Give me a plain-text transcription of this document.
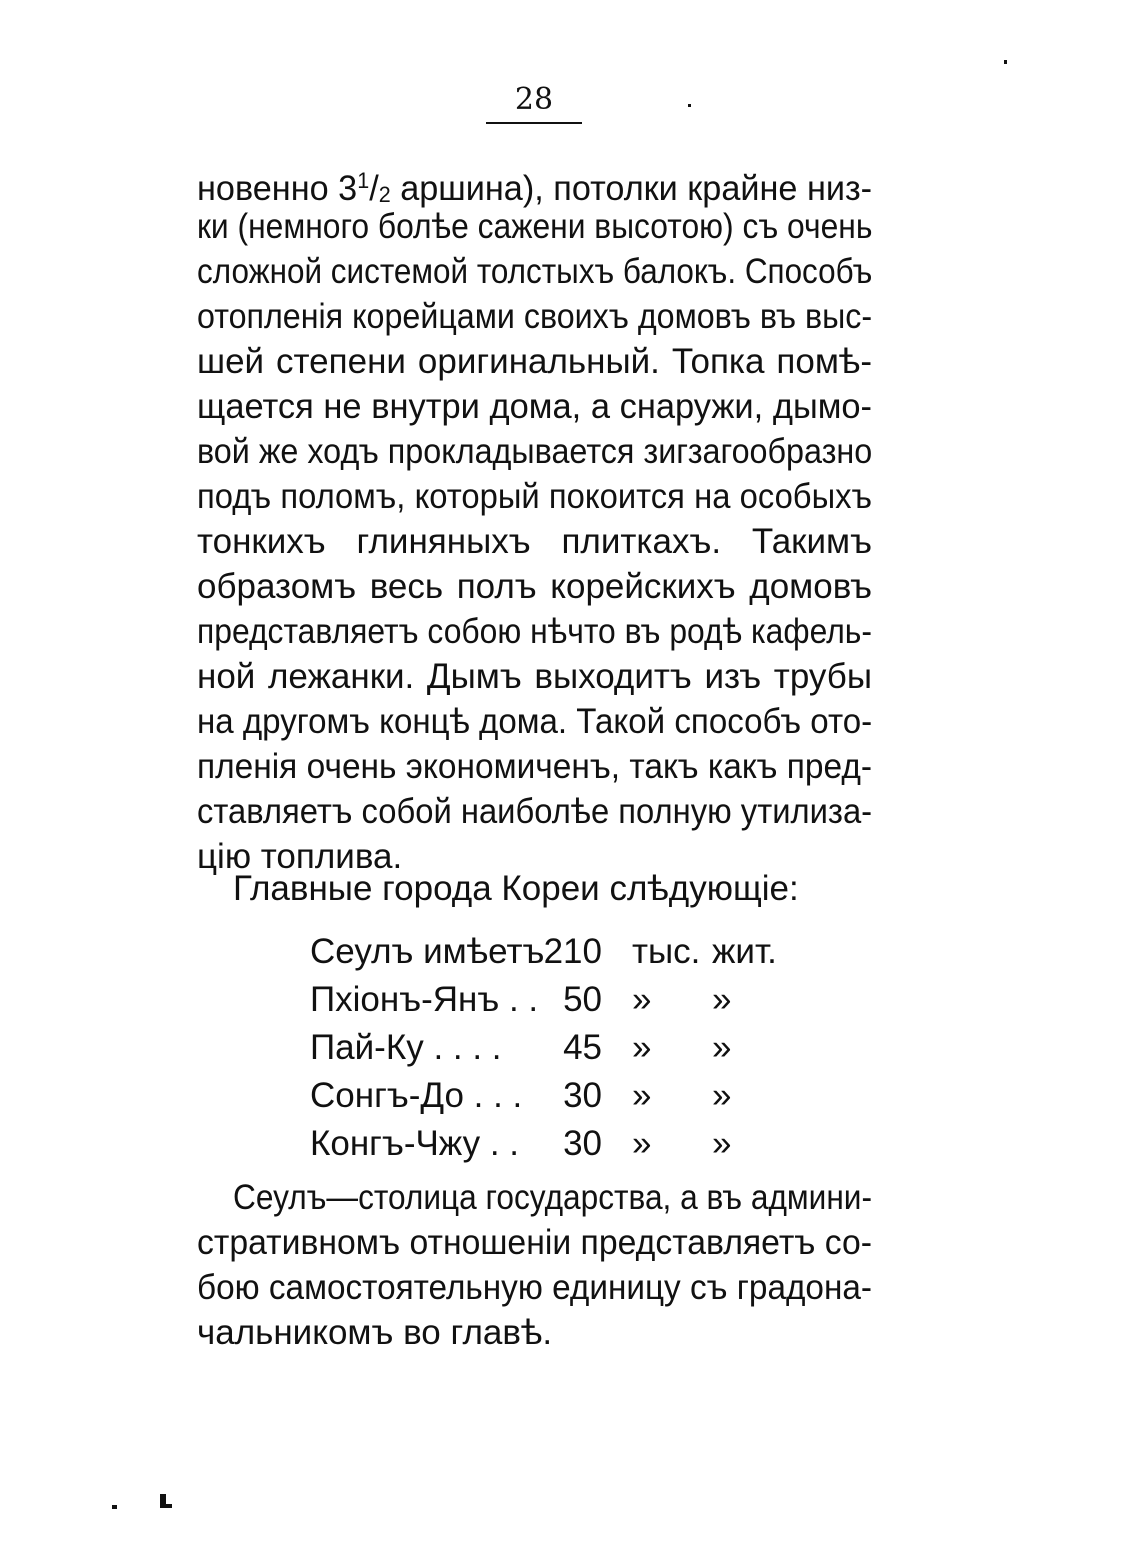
28
новенно $3^1/2$ аршина), потолки крайне низ-
ки (немного болѣе сажени высотою) съ очень
сложной системой толстыхъ балокъ. Способъ
отопленія корейцами своихъ домовъ въ выс-
шей степени оригинальный. Топка помѣ-
щается не внутри дома, а снаружи, дымо-
вой же ходъ прокладывается зигзагообразно
подъ поломъ, который покоится на особыхъ
тонкихъ глиняныхъ плиткахъ. Такимъ
образомъ весь полъ корейскихъ домовъ
представляетъ собою нѣчто въ родѣ кафель-
ной лежанки. Дымъ выходитъ изъ трубы
на другомъ концѣ дома. Такой способъ ото-
пленія очень экономиченъ, такъ какъ пред-
ставляетъ собой наиболѣе полную утилиза-
цію топлива.
Главные города Кореи слѣдующіе:
Сеулъ имѣетъ 210 тыс. жит.
Пхіонъ-Янъ . . 50 » »
Пай-Ку . . . .	45 » »
Сонгъ-До . . .	30 » »
Конгъ-Чжу . .	30 » »
Сеулъ—столица государства, а въ админи-
стративномъ отношеніи представляетъ со-
бою самостоятельную единицу съ градона-
чальникомъ во главѣ.
